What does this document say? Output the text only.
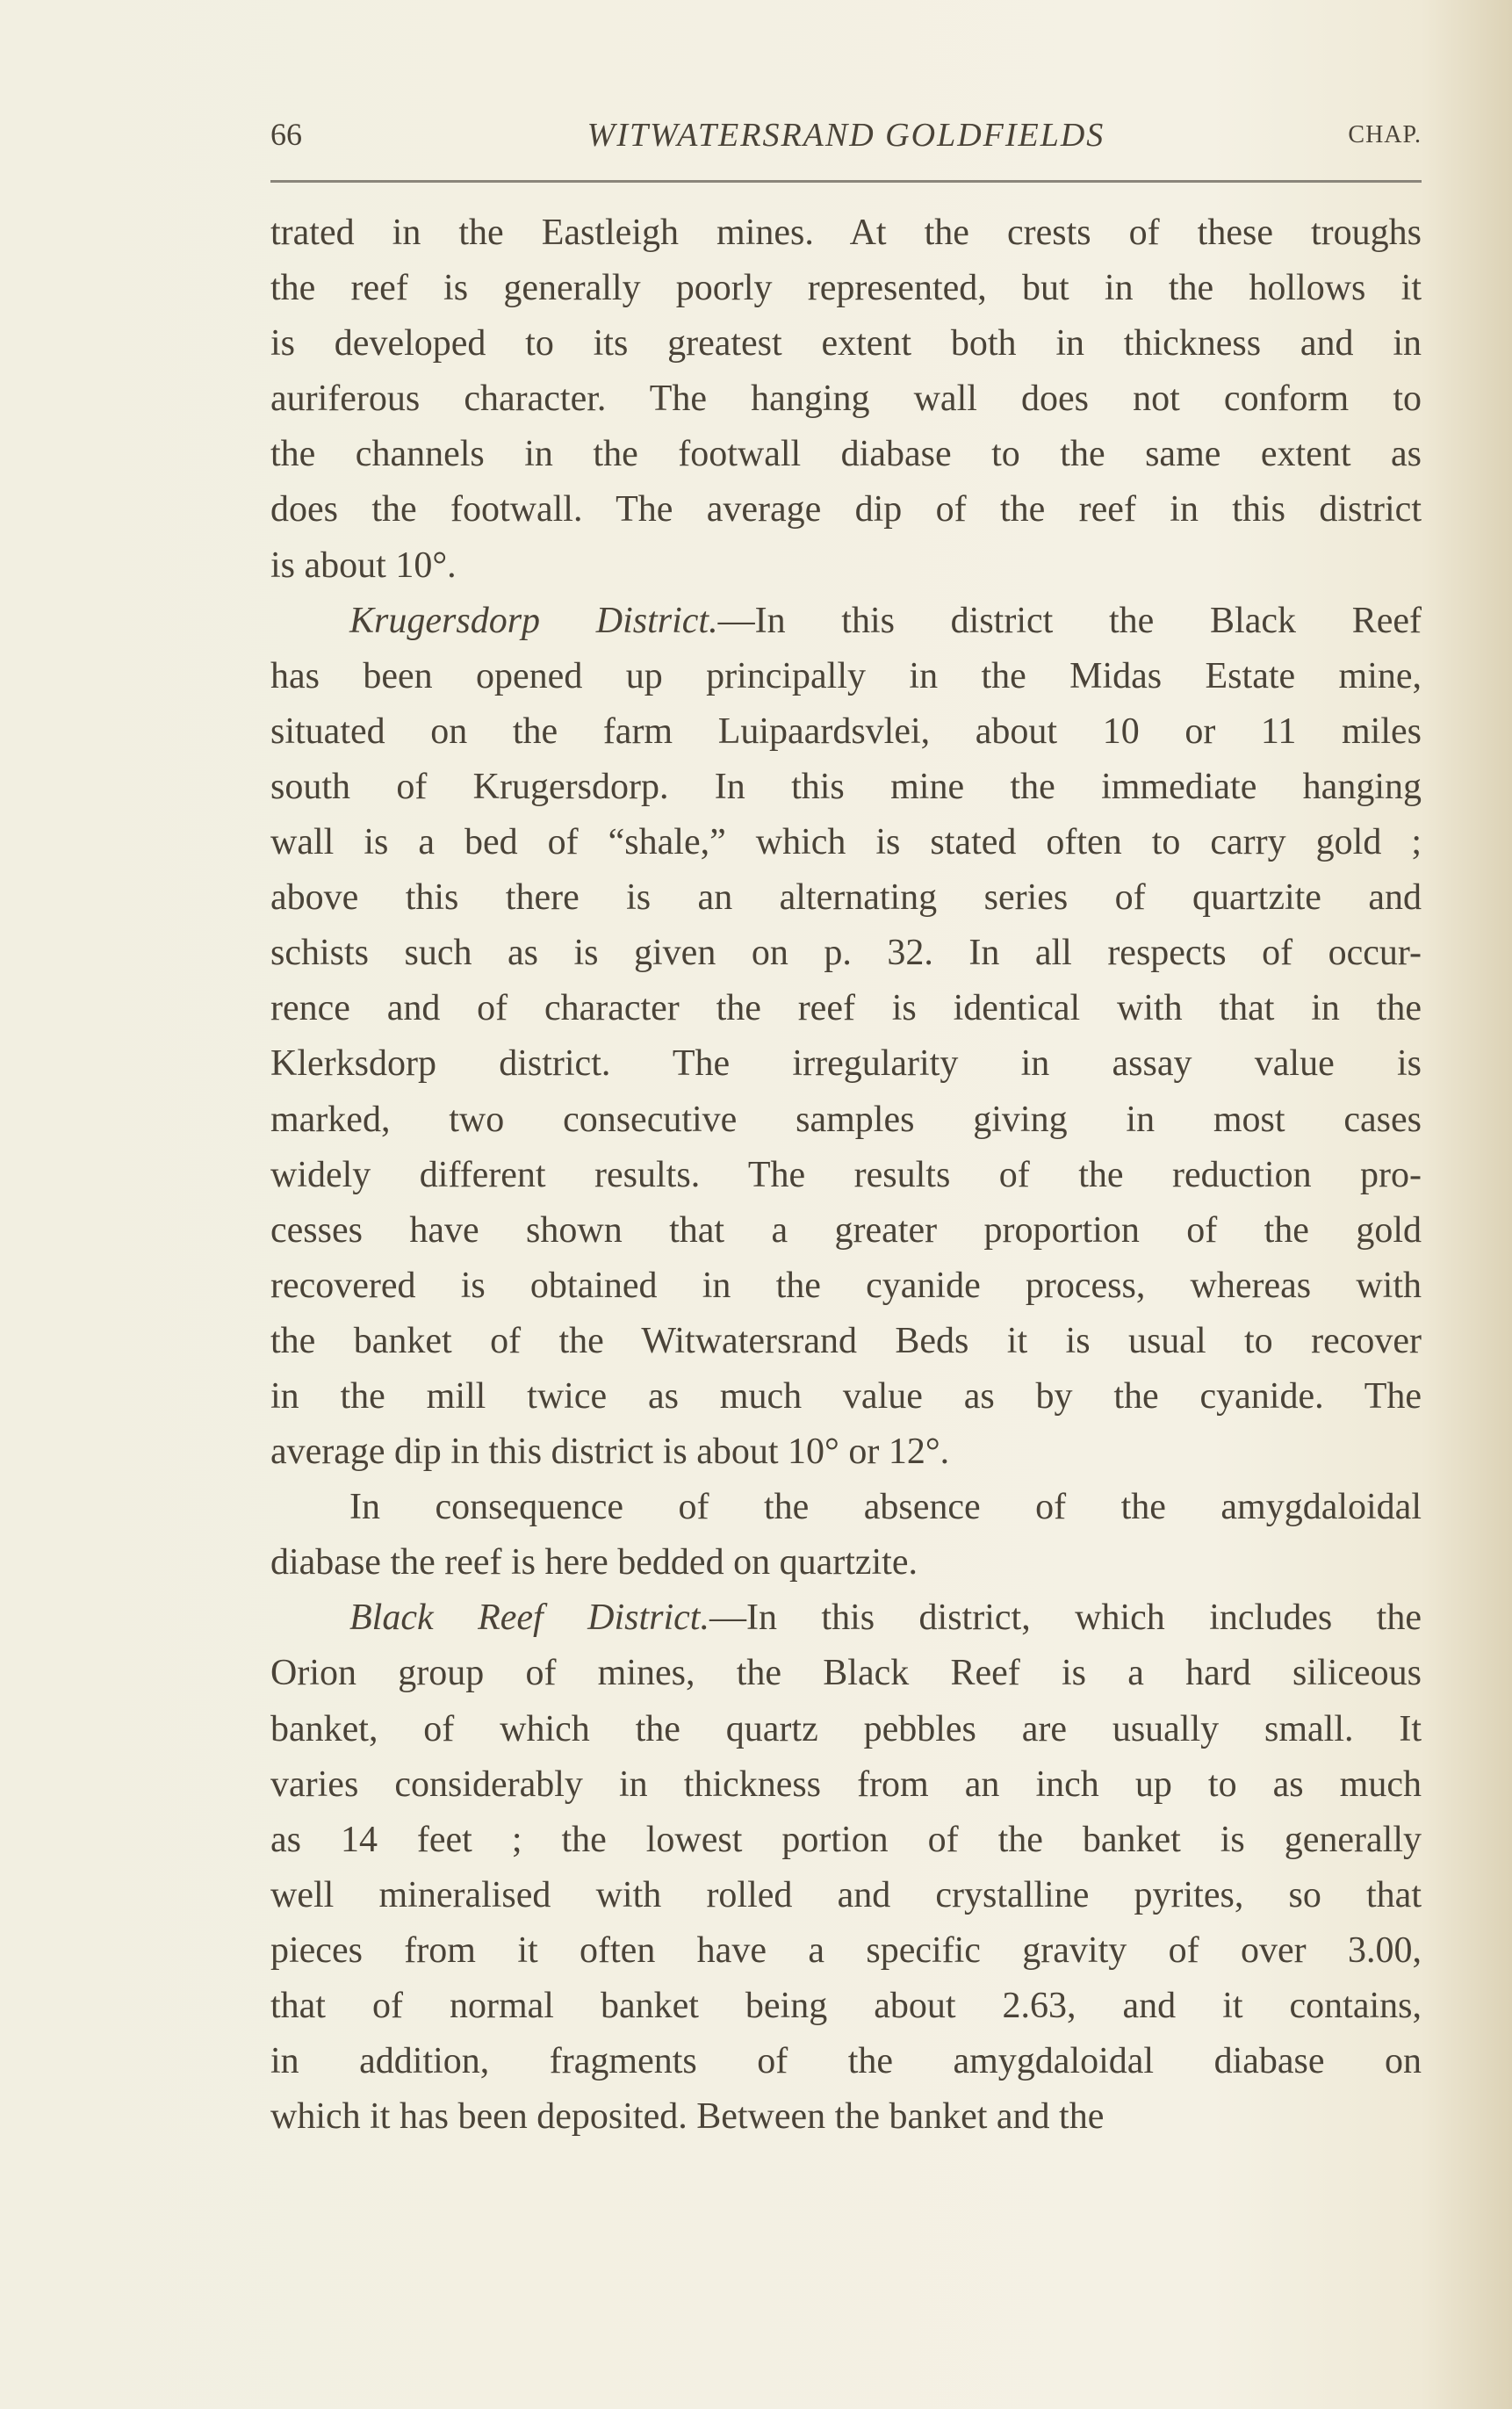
66	WITWATERSRAND GOLDFIELDS	CHAP.
trated in the Eastleigh mines. At the crests of these troughs
the reef is generally poorly represented, but in the hollows it
is developed to its greatest extent both in thickness and in
auriferous character. The hanging wall does not conform to
the channels in the footwall diabase to the same extent as
does the footwall. The average dip of the reef in this district
is about 10°.
Krugersdorp District.—In this district the Black Reef
has been opened up principally in the Midas Estate mine,
situated on the farm Luipaardsvlei, about 10 or 11 miles
south of Krugersdorp. In this mine the immediate hanging
wall is a bed of “shale,” which is stated often to carry gold ;
above this there is an alternating series of quartzite and
schists such as is given on p. 32. In all respects of occur-
rence and of character the reef is identical with that in the
Klerksdorp district. The irregularity in assay value is
marked, two consecutive samples giving in most cases
widely different results. The results of the reduction pro-
cesses have shown that a greater proportion of the gold
recovered is obtained in the cyanide process, whereas with
the banket of the Witwatersrand Beds it is usual to recover
in the mill twice as much value as by the cyanide. The
average dip in this district is about 10° or 12°.
In consequence of the absence of the amygdaloidal
diabase the reef is here bedded on quartzite.
Black Reef District.—In this district, which includes the
Orion group of mines, the Black Reef is a hard siliceous
banket, of which the quartz pebbles are usually small. It
varies considerably in thickness from an inch up to as much
as 14 feet ; the lowest portion of the banket is generally
well mineralised with rolled and crystalline pyrites, so that
pieces from it often have a specific gravity of over 3.00,
that of normal banket being about 2.63, and it contains,
in addition, fragments of the amygdaloidal diabase on
which it has been deposited. Between the banket and the
